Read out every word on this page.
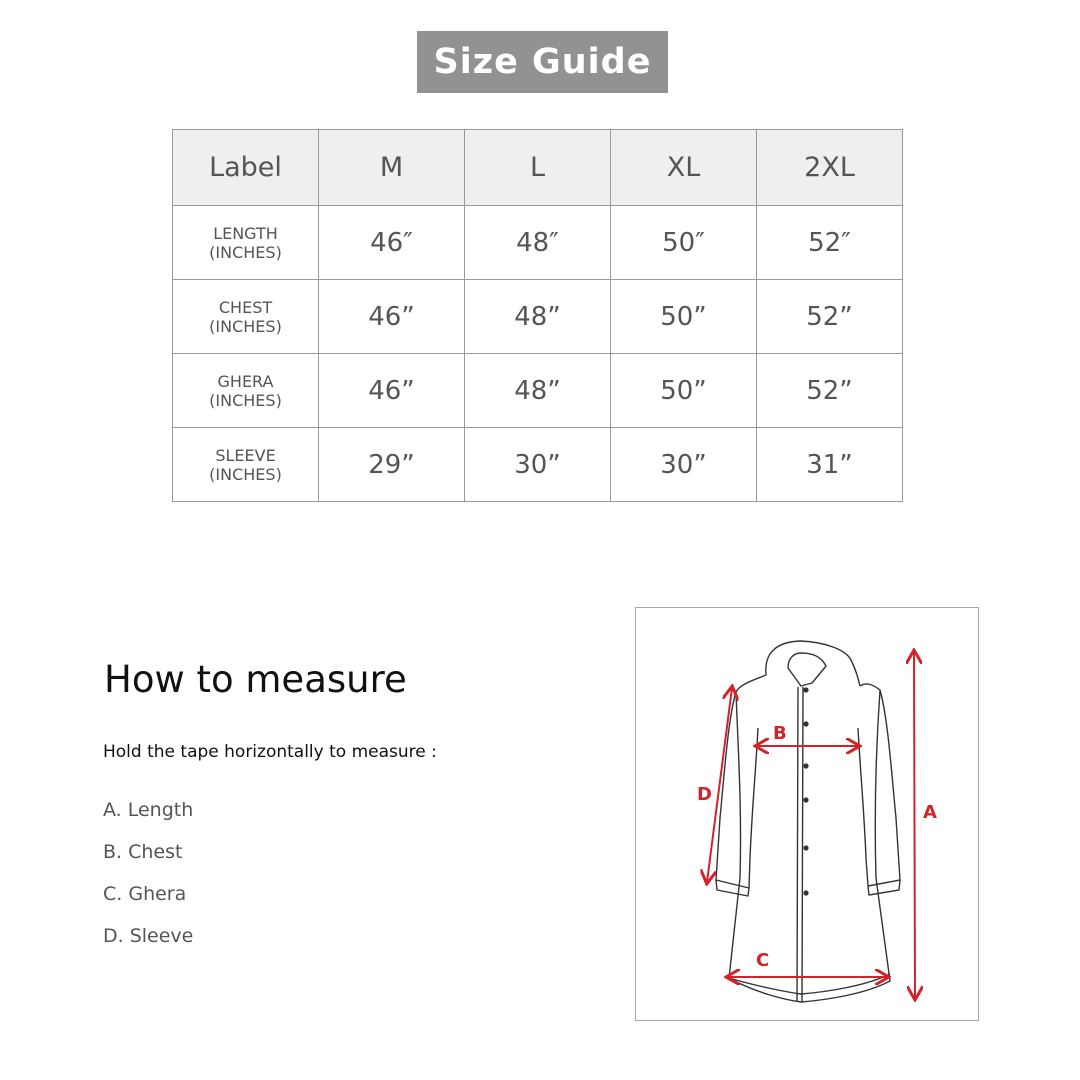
Size Guide
Label	M	L	XL	2XL

LENGTH
(INCHES)	46″	48″	50″	52″

CHEST
(INCHES)	46”	48”	50”	52”

GHERA
(INCHES)	46”	48”	50”	52”

SLEEVE
(INCHES)	29”	30”	30”	31”
How to measure
Hold the tape horizontally to measure :
A. Length
B. Chest
C. Ghera
D. Sleeve
A
B
C
D
